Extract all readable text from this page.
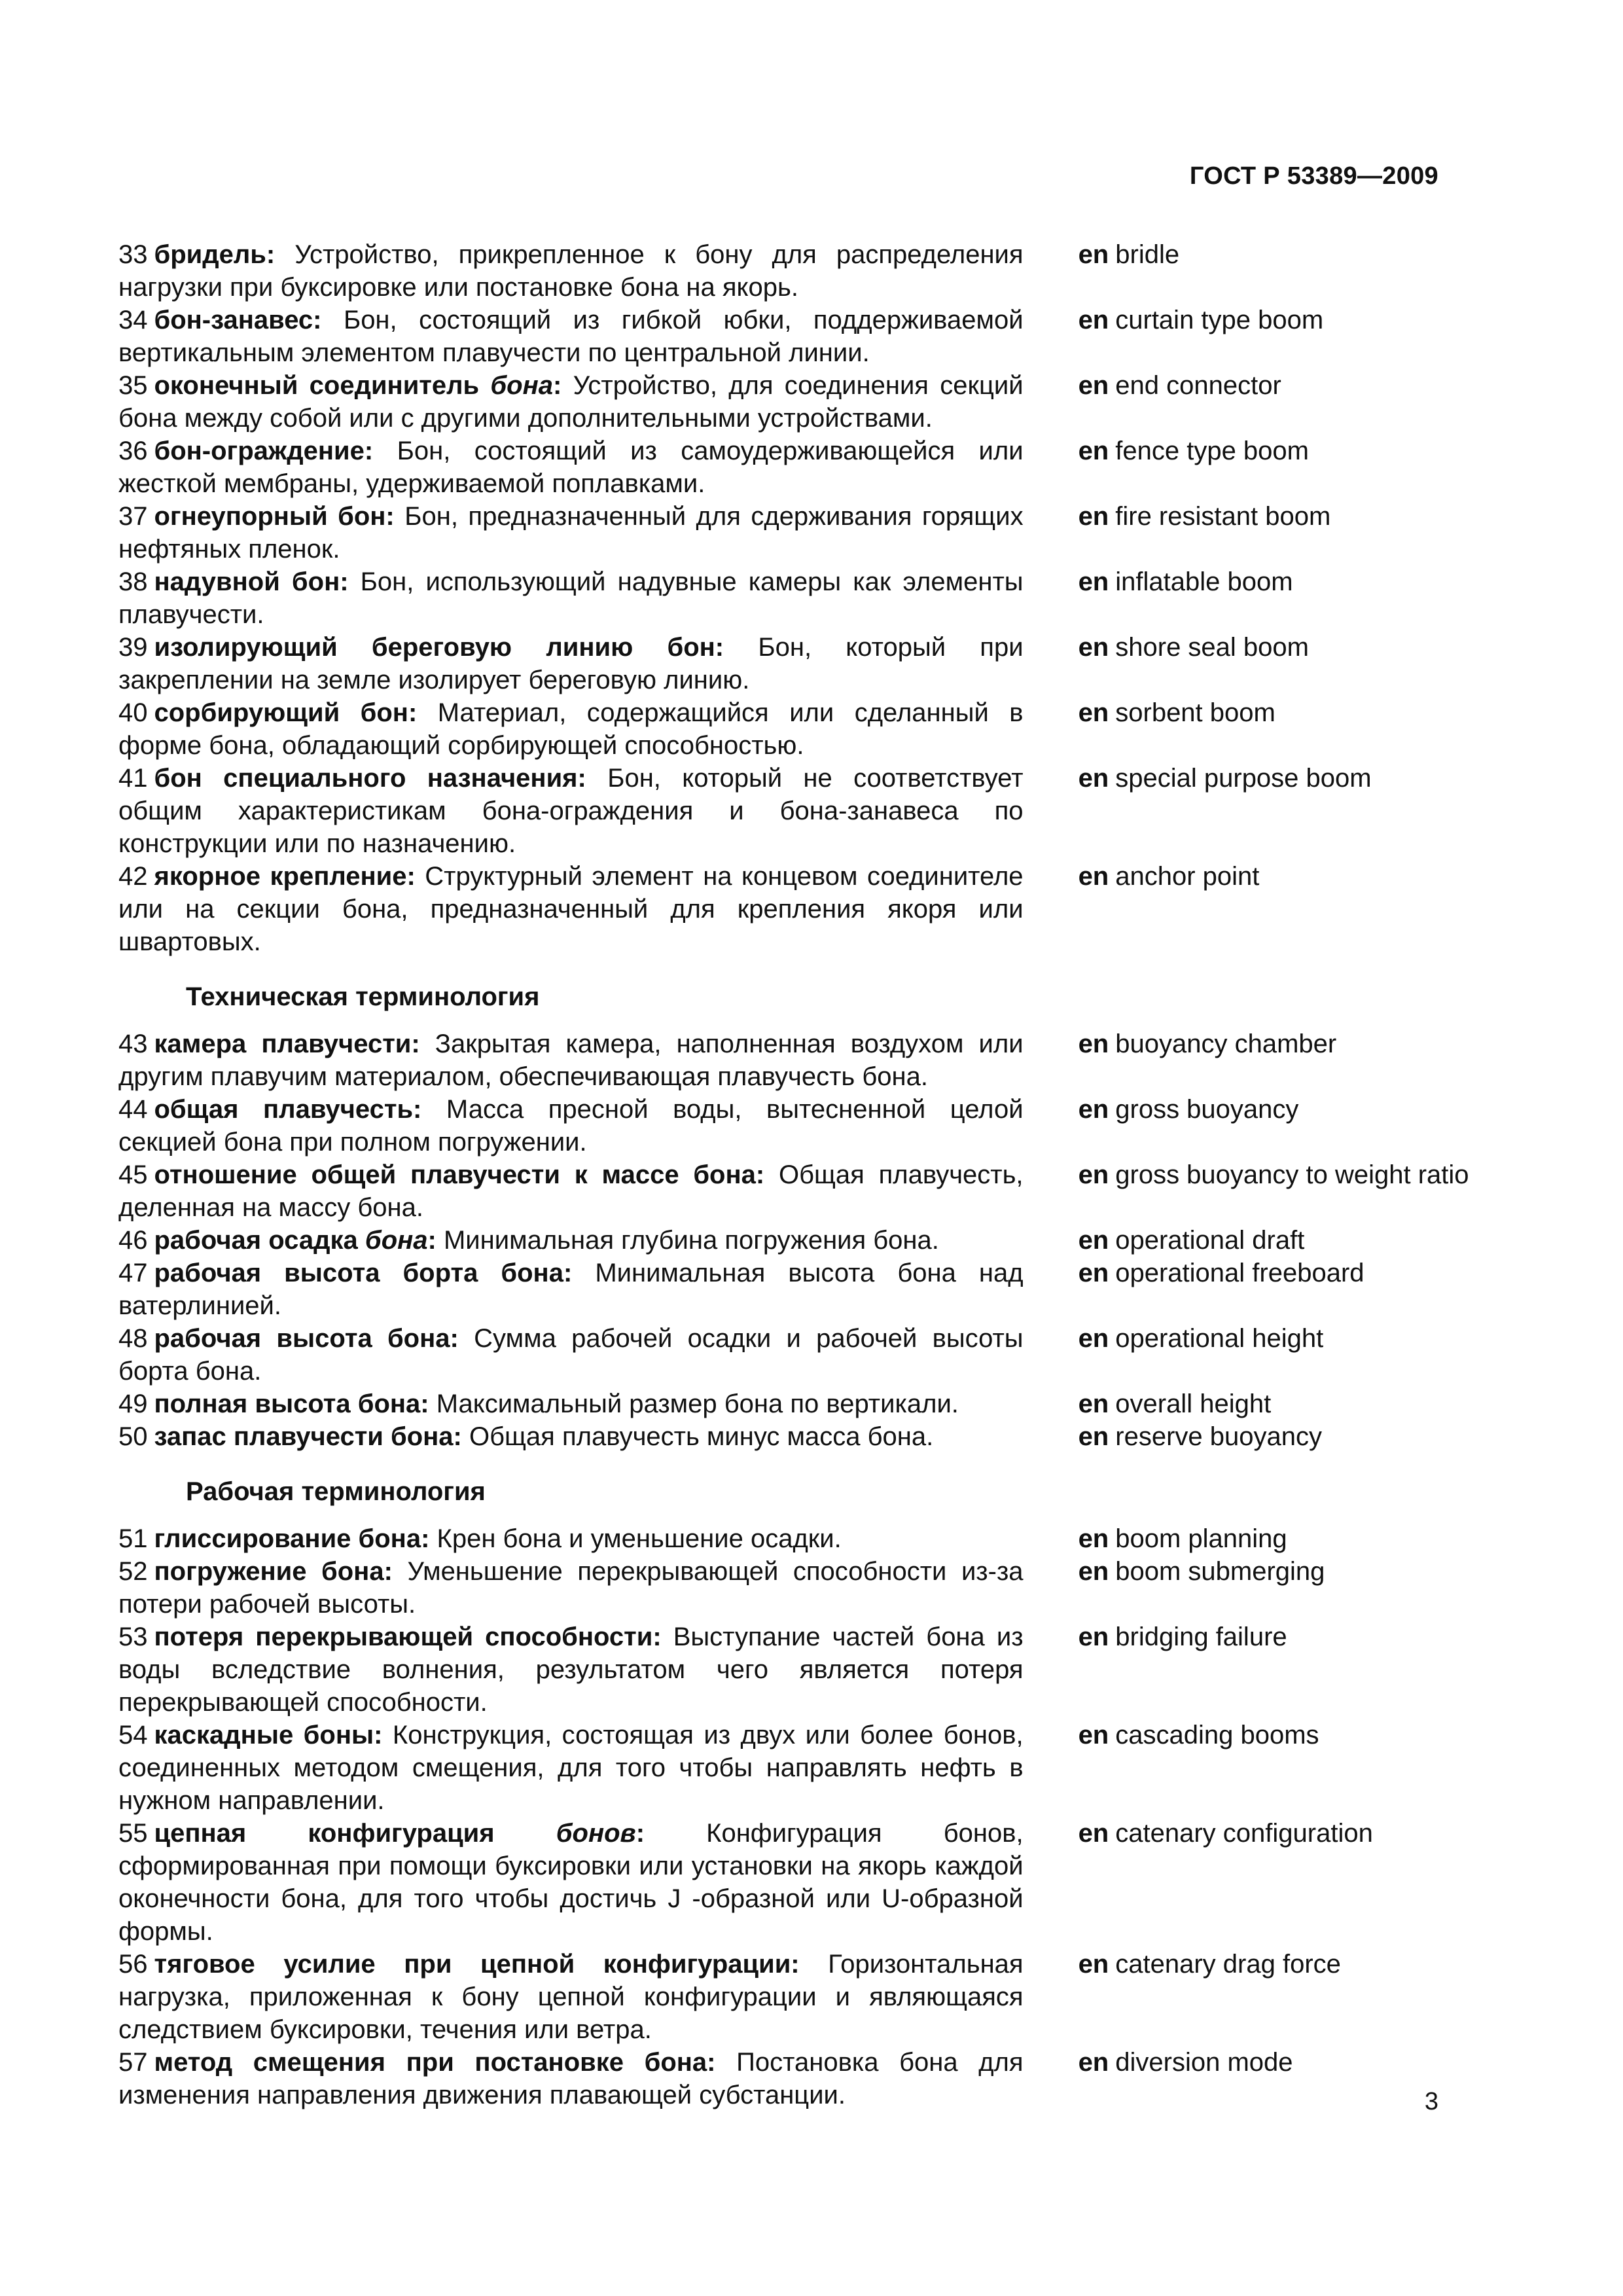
ГОСТ Р 53389—2009
33 бридель: Устройство, прикрепленное к бону для распределения нагрузки при буксировке или постановке бона на якорь.
en bridle
34 бон-занавес: Бон, состоящий из гибкой юбки, поддерживаемой вертикальным элементом плавучести по центральной линии.
en curtain type boom
35 оконечный соединитель бона: Устройство, для соединения секций бона между собой или с другими дополнительными устройствами.
en end connector
36 бон-ограждение: Бон, состоящий из самоудерживающейся или жесткой мембраны, удерживаемой поплавками.
en fence type boom
37 огнеупорный бон: Бон, предназначенный для сдерживания горящих нефтяных пленок.
en fire resistant boom
38 надувной бон: Бон, использующий надувные камеры как элементы плавучести.
en inflatable boom
39 изолирующий береговую линию бон: Бон, который при закреплении на земле изолирует береговую линию.
en shore seal boom
40 сорбирующий бон: Материал, содержащийся или сделанный в форме бона, обладающий сорбирующей способностью.
en sorbent boom
41 бон специального назначения: Бон, который не соответствует общим характеристикам бона-ограждения и бона-занавеса по конструкции или по назначению.
en special purpose boom
42 якорное крепление: Структурный элемент на концевом соединителе или на секции бона, предназначенный для крепления якоря или швартовых.
en anchor point
Техническая терминология
43 камера плавучести: Закрытая камера, наполненная воздухом или другим плавучим материалом, обеспечивающая плавучесть бона.
en buoyancy chamber
44 общая плавучесть: Масса пресной воды, вытесненной целой секцией бона при полном погружении.
en gross buoyancy
45 отношение общей плавучести к массе бона: Общая плавучесть, деленная на массу бона.
en gross buoyancy to weight ratio
46 рабочая осадка бона: Минимальная глубина погружения бона.	en operational draft
47 рабочая высота борта бона: Минимальная высота бона над ватерлинией.
en operational freeboard
48 рабочая высота бона: Сумма рабочей осадки и рабочей высоты борта бона.
en operational height
49 полная высота бона: Максимальный размер бона по вертикали.	en overall height
50 запас плавучести бона: Общая плавучесть минус масса бона.	en reserve buoyancy
Рабочая терминология
51 глиссирование бона: Крен бона и уменьшение осадки.	en boom planning
52 погружение бона: Уменьшение перекрывающей способности из-за потери рабочей высоты.
en boom submerging
53 потеря перекрывающей способности: Выступание частей бона из воды вследствие волнения, результатом чего является потеря перекрывающей способности.
en bridging failure
54 каскадные боны: Конструкция, состоящая из двух или более бонов, соединенных методом смещения, для того чтобы направлять нефть в нужном направлении.
en cascading booms
55 цепная конфигурация бонов: Конфигурация бонов, сформированная при помощи буксировки или установки на якорь каждой оконечности бона, для того чтобы достичь J -образной или U-образной формы.
en catenary configuration
56 тяговое усилие при цепной конфигурации: Горизонтальная нагрузка, приложенная к бону цепной конфигурации и являющаяся следствием буксировки, течения или ветра.
en catenary drag force
57 метод смещения при постановке бона: Постановка бона для изменения направления движения плавающей субстанции.
en diversion mode
3
